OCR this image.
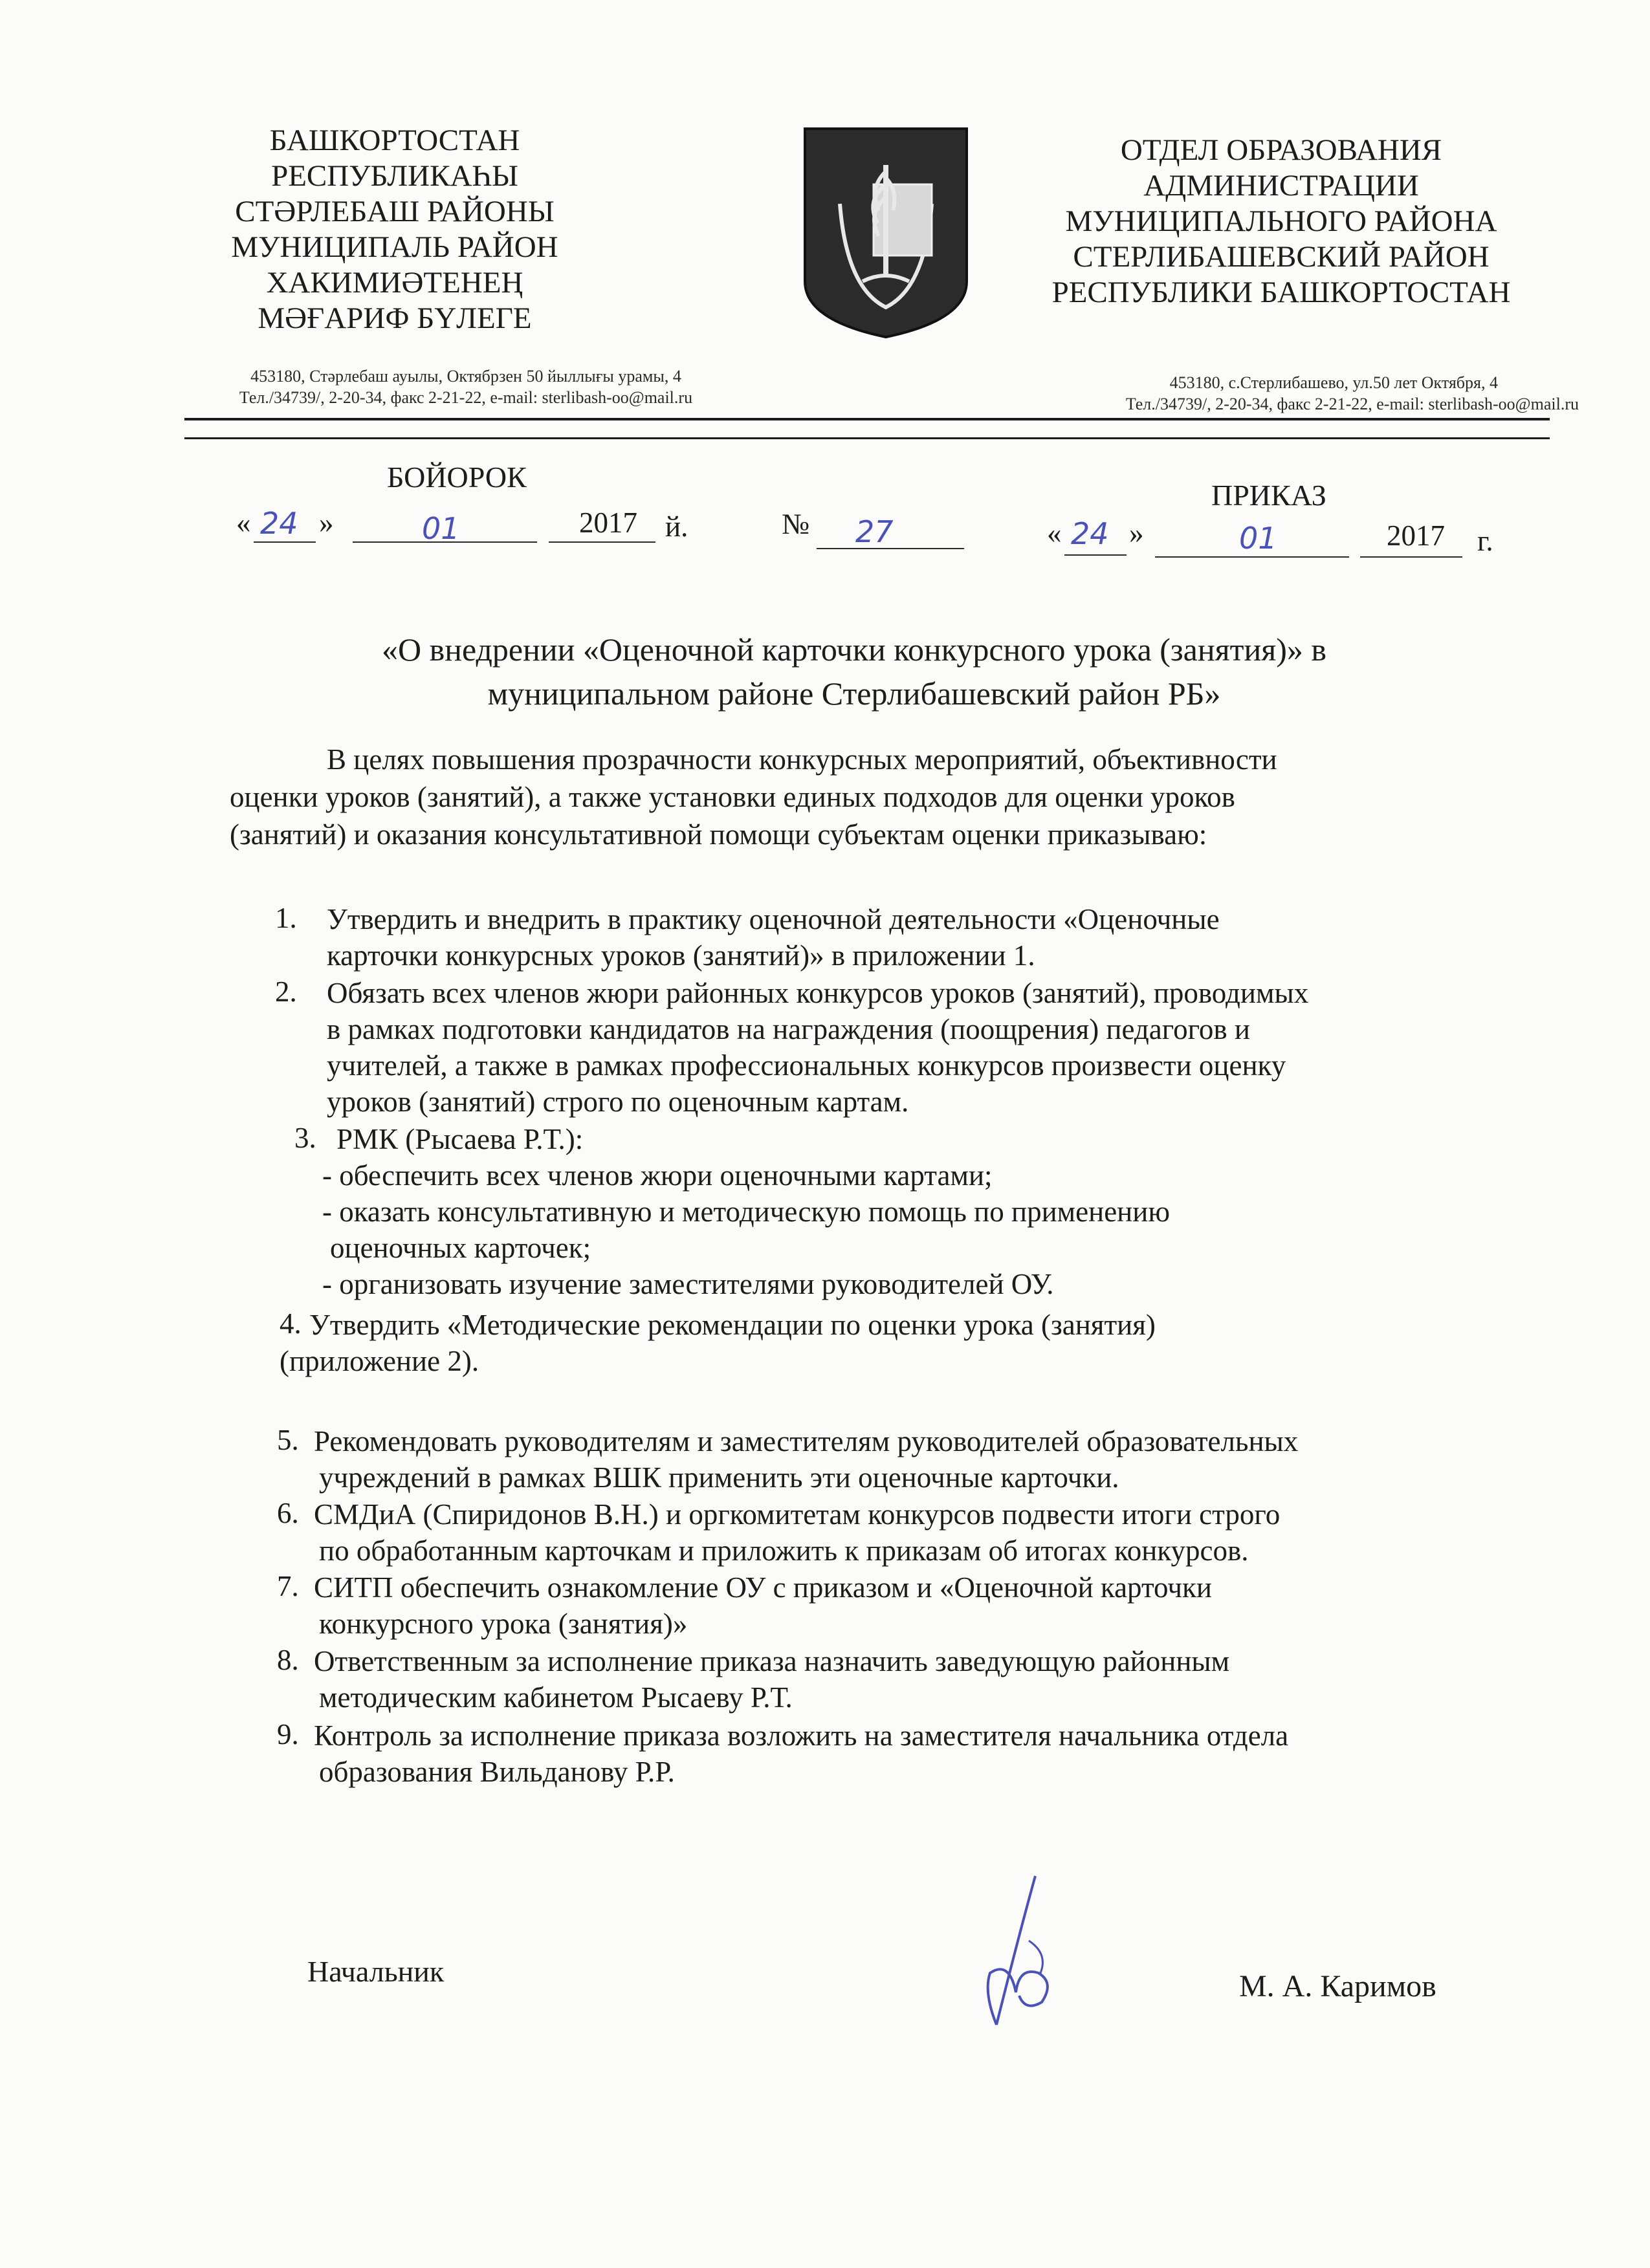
БАШКОРТОСТАН РЕСПУБЛИКАҺЫ
СТӘРЛЕБАШ РАЙОНЫ
МУНИЦИПАЛЬ РАЙОН
ХАКИМИӘТЕНЕҢ
МӘҒАРИФ БҮЛЕГЕ
ОТДЕЛ ОБРАЗОВАНИЯ
АДМИНИСТРАЦИИ
МУНИЦИПАЛЬНОГО РАЙОНА
СТЕРЛИБАШЕВСКИЙ РАЙОН
РЕСПУБЛИКИ БАШКОРТОСТАН
453180, Стәрлебаш ауылы, Октябрзен 50 йыллығы урамы, 4
Тел./34739/, 2-20-34, факс 2-21-22, e-mail: sterlibash-oo@mail.ru
453180, с.Стерлибашево, ул.50 лет Октября, 4
Тел./34739/, 2-20-34, факс 2-21-22, e-mail: sterlibash-oo@mail.ru
БОЙОРОК
ПРИКАЗ
« 24 »	01	2017 й.	№ 27	« 24 »	01	2017 г.
«О внедрении «Оценочной карточки конкурсного урока (занятия)» в
муниципальном районе Стерлибашевский район РБ»
В целях повышения прозрачности конкурсных мероприятий, объективности
оценки уроков (занятий), а также установки единых подходов для оценки уроков
(занятий) и оказания консультативной помощи субъектам оценки приказываю:
1. Утвердить и внедрить в практику оценочной деятельности «Оценочные
карточки конкурсных уроков (занятий)» в приложении 1.
2. Обязать всех членов жюри районных конкурсов уроков (занятий), проводимых
в рамках подготовки кандидатов на награждения (поощрения) педагогов и
учителей, а также в рамках профессиональных конкурсов произвести оценку
уроков (занятий) строго по оценочным картам.
3. РМК (Рысаева Р.Т.):
- обеспечить всех членов жюри оценочными картами;
- оказать консультативную и методическую помощь по применению
оценочных карточек;
- организовать изучение заместителями руководителей ОУ.
4. Утвердить «Методические рекомендации по оценки урока (занятия)
(приложение 2).
5. Рекомендовать руководителям и заместителям руководителей образовательных
учреждений в рамках ВШК применить эти оценочные карточки.
6. СМДиА (Спиридонов В.Н.) и оргкомитетам конкурсов подвести итоги строго
по обработанным карточкам и приложить к приказам об итогах конкурсов.
7. СИТП обеспечить ознакомление ОУ с приказом и «Оценочной карточки
конкурсного урока (занятия)»
8. Ответственным за исполнение приказа назначить заведующую районным
методическим кабинетом Рысаеву Р.Т.
9. Контроль за исполнение приказа возложить на заместителя начальника отдела
образования Вильданову Р.Р.
Начальник	М. А. Каримов
